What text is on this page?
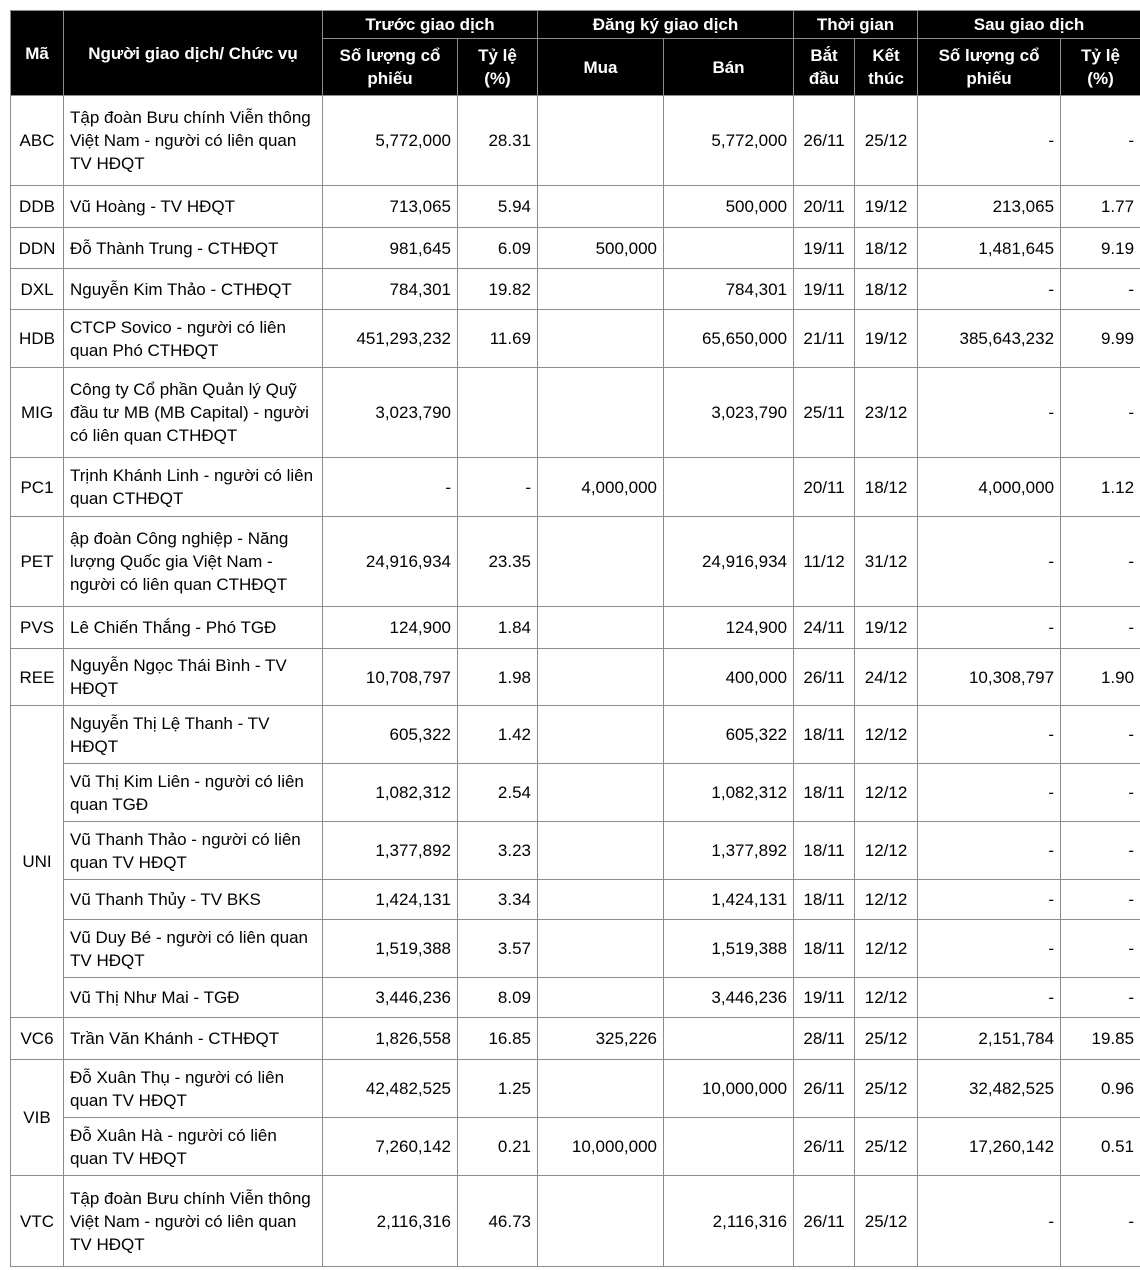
Mã	Người giao dịch/ Chức vụ	Trước giao dịch		Đăng ký giao dịch		Thời gian		Sau giao dịch	
		Số lượng cổ phiếu	Tỷ lệ (%)	Mua	Bán	Bắt đầu	Kết thúc	Số lượng cổ phiếu	Tỷ lệ (%)
ABC	Tập đoàn Bưu chính Viễn thông Việt Nam - người có liên quan TV HĐQT	5,772,000	28.31		5,772,000	26/11	25/12	-	-
DDB	Vũ Hoàng - TV HĐQT	713,065	5.94		500,000	20/11	19/12	213,065	1.77
DDN	Đỗ Thành Trung - CTHĐQT	981,645	6.09	500,000		19/11	18/12	1,481,645	9.19
DXL	Nguyễn Kim Thảo - CTHĐQT	784,301	19.82		784,301	19/11	18/12	-	-
HDB	CTCP Sovico - người có liên quan Phó CTHĐQT	451,293,232	11.69		65,650,000	21/11	19/12	385,643,232	9.99
MIG	Công ty Cổ phần Quản lý Quỹ đầu tư MB (MB Capital) - người có liên quan CTHĐQT	3,023,790			3,023,790	25/11	23/12	-	-
PC1	Trịnh Khánh Linh - người có liên quan CTHĐQT	-	-	4,000,000		20/11	18/12	4,000,000	1.12
PET	ập đoàn Công nghiệp - Năng lượng Quốc gia Việt Nam - người có liên quan CTHĐQT	24,916,934	23.35		24,916,934	11/12	31/12	-	-
PVS	Lê Chiến Thắng - Phó TGĐ	124,900	1.84		124,900	24/11	19/12	-	-
REE	Nguyễn Ngọc Thái Bình - TV HĐQT	10,708,797	1.98		400,000	26/11	24/12	10,308,797	1.90
UNI	Nguyễn Thị Lệ Thanh - TV HĐQT	605,322	1.42		605,322	18/11	12/12	-	-
	Vũ Thị Kim Liên - người có liên quan TGĐ	1,082,312	2.54		1,082,312	18/11	12/12	-	-
	Vũ Thanh Thảo - người có liên quan TV HĐQT	1,377,892	3.23		1,377,892	18/11	12/12	-	-
	Vũ Thanh Thủy - TV BKS	1,424,131	3.34		1,424,131	18/11	12/12	-	-
	Vũ Duy Bé - người có liên quan TV HĐQT	1,519,388	3.57		1,519,388	18/11	12/12	-	-
	Vũ Thị Như Mai - TGĐ	3,446,236	8.09		3,446,236	19/11	12/12	-	-
VC6	Trần Văn Khánh - CTHĐQT	1,826,558	16.85	325,226		28/11	25/12	2,151,784	19.85
VIB	Đỗ Xuân Thụ - người có liên quan TV HĐQT	42,482,525	1.25		10,000,000	26/11	25/12	32,482,525	0.96
	Đỗ Xuân Hà - người có liên quan TV HĐQT	7,260,142	0.21	10,000,000		26/11	25/12	17,260,142	0.51
VTC	Tập đoàn Bưu chính Viễn thông Việt Nam - người có liên quan TV HĐQT	2,116,316	46.73		2,116,316	26/11	25/12	-	-
